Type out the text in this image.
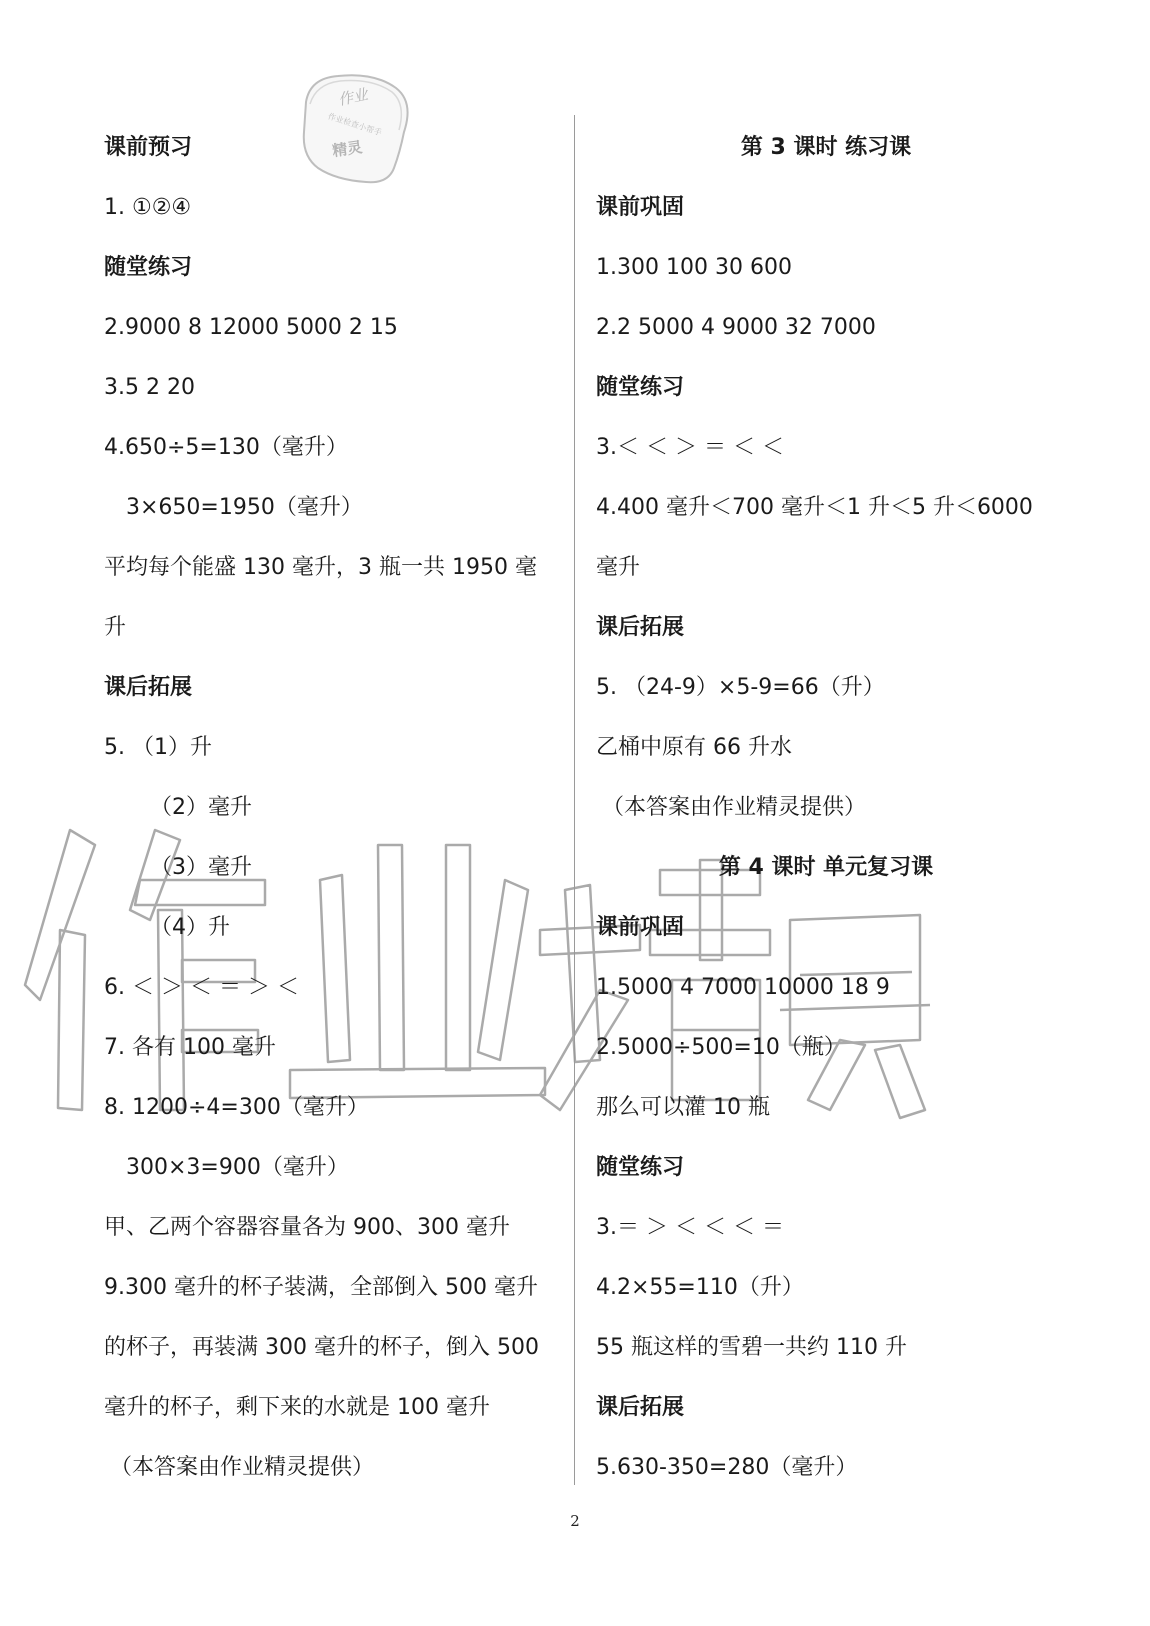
作业
作业检查小帮手
精灵
课前预习
1. ①②④
随堂练习
2.9000 8 12000 5000 2 15
3.5 2 20
4.650÷5=130（毫升）
3×650=1950（毫升）
平均每个能盛 130 毫升，3 瓶一共 1950 毫
升
课后拓展
5. （1）升
（2）毫升
（3）毫升
（4）升
6. ＜ ＞ ＜ ＝ ＞ ＜
7. 各有 100 毫升
8. 1200÷4=300（毫升）
300×3=900（毫升）
甲、乙两个容器容量各为 900、300 毫升
9.300 毫升的杯子装满，全部倒入 500 毫升
的杯子，再装满 300 毫升的杯子，倒入 500
毫升的杯子，剩下来的水就是 100 毫升
（本答案由作业精灵提供）
第 3 课时 练习课
课前巩固
1.300 100 30 600
2.2 5000 4 9000 32 7000
随堂练习
3.＜ ＜ ＞ ＝ ＜ ＜
4.400 毫升＜700 毫升＜1 升＜5 升＜6000
毫升
课后拓展
5. （24-9）×5-9=66（升）
乙桶中原有 66 升水
（本答案由作业精灵提供）
第 4 课时 单元复习课
课前巩固
1.5000 4 7000 10000 18 9
2.5000÷500=10（瓶）
那么可以灌 10 瓶
随堂练习
3.＝ ＞ ＜ ＜ ＜ ＝
4.2×55=110（升）
55 瓶这样的雪碧一共约 110 升
课后拓展
5.630-350=280（毫升）
2
